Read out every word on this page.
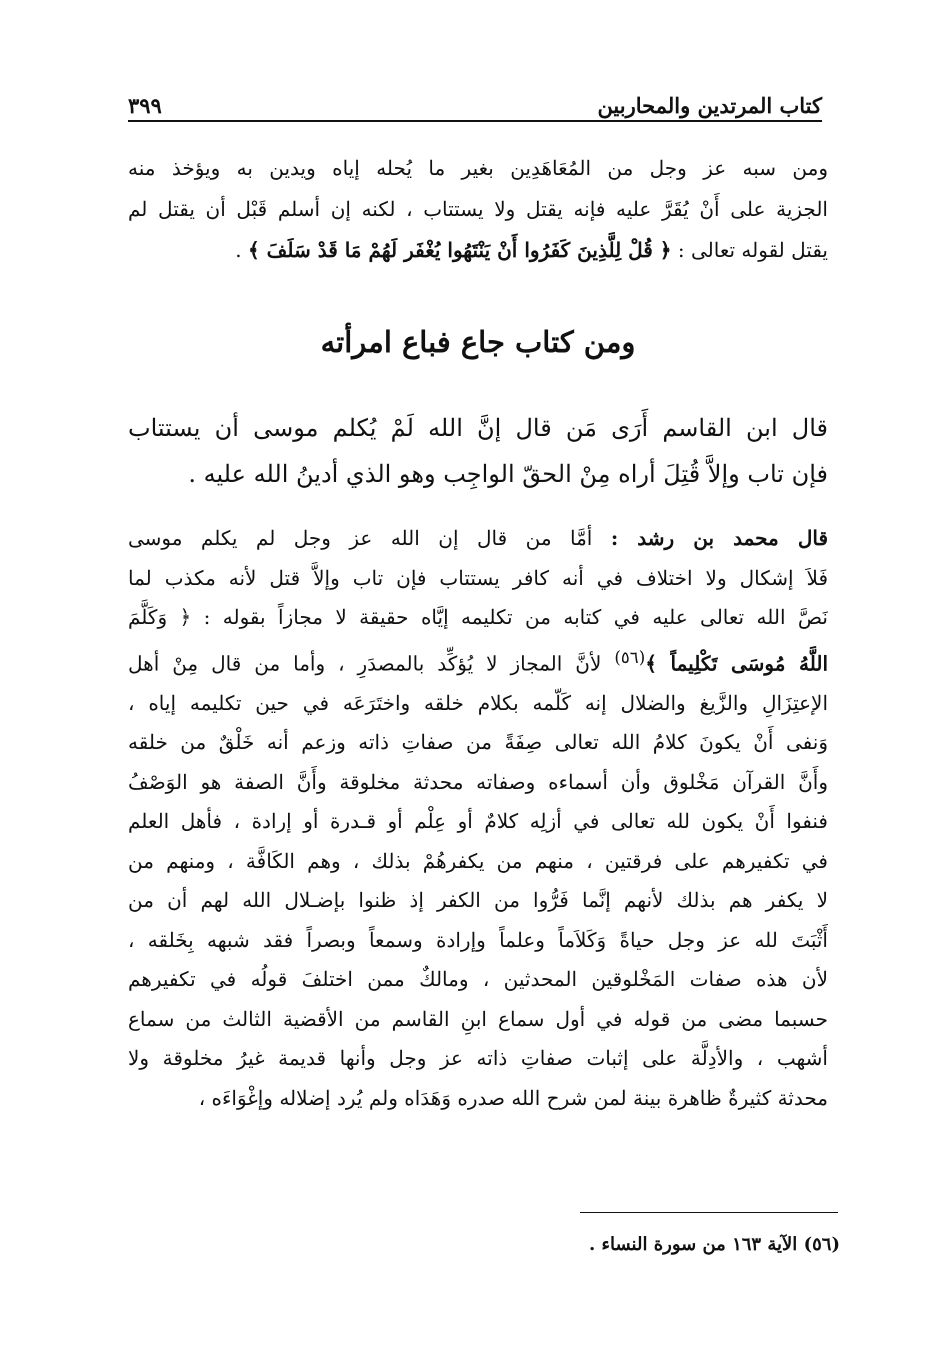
٣٩٩	كتاب المرتدين والمحاربين
ومن سبه عز وجل من المُعَاهَدِين بغير ما يُحله إياه ويدين به ويؤخذ منه
الجزية على أَنْ يُقَرَّ عليه فإنه يقتل ولا يستتاب ، لكنه إن أسلم قَبْل أن يقتل لم
يقتل لقوله تعالى : ﴿ قُلْ لِلَّذِينَ كَفَرُوا أَنْ يَنْتَهُوا يُغْفَر لَهُمْ مَا قَدْ سَلَفَ ﴾ .
ومن كتاب جاع فباع امرأته
قال ابن القاسم أَرَى مَن قال إنَّ الله لَمْ يُكلم موسى أن يستتاب
فإن تاب وإلاَّ قُتِلَ أراه مِنْ الحقّ الواجِب وهو الذي أدينُ الله عليه .
قال محمد بن رشد : أمَّا من قال إن الله عز وجل لم يكلم موسى
فَلاَ إشكال ولا اختلاف في أنه كافر يستتاب فإن تاب وإلاَّ قتل لأنه مكذب لما
نَصَّ الله تعالى عليه في كتابه من تكليمه إيَّاه حقيقة لا مجازاً بقوله : ﴿ وَكَلَّمَ
اللَّهُ مُوسَى تَكْلِيماً ﴾$^{(٥٦)}$ لأنَّ المجاز لا يُؤكِّد بالمصدَرِ ، وأما من قال مِنْ أهل
الإعتِزَالِ والزَّيغ والضلال إنه كَلّمه بكلام خلقه واختَرَعَه في حين تكليمه إياه ،
وَنفى أَنْ يكونَ كلامُ الله تعالى صِفَةً من صفاتِ ذاته وزعم أنه خَلْقٌ من خلقه
وأَنَّ القرآن مَخْلوق وأن أسماءه وصفاته محدثة مخلوقة وأَنَّ الصفة هو الوَصْفُ
فنفوا أَنْ يكون لله تعالى في أزلِه كلامٌ أو عِلْم أو قـدرة أو إرادة ، فأهل العلم
في تكفيرهم على فرقتين ، منهم من يكفرهُمْ بذلك ، وهم الكَافَّة ، ومنهم من
لا يكفر هم بذلك لأنهم إنَّما فَرُّوا من الكفر إذ ظنوا بإضـلال الله لهم أن من
أَثْبَتَ لله عز وجل حياةً وَكَلاَماً وعلماً وإرادة وسمعاً وبصراً فقد شبهه بِخَلقه ،
لأن هذه صفات المَخْلوقين المحدثين ، ومالكٌ ممن اختلفَ قولُه في تكفيرهم
حسبما مضى من قوله في أول سماع ابنِ القاسم من الأقضية الثالث من سماع
أشهب ، والأدِلَّة على إثبات صفاتِ ذاته عز وجل وأنها قديمة غيرُ مخلوقة ولا
محدثة كثيرةٌ ظاهرة بينة لمن شرح الله صدره وَهَدَاه ولم يُرد إضلاله وإغْوَاءَه ،
(٥٦) الآية ١٦٣ من سورة النساء .
